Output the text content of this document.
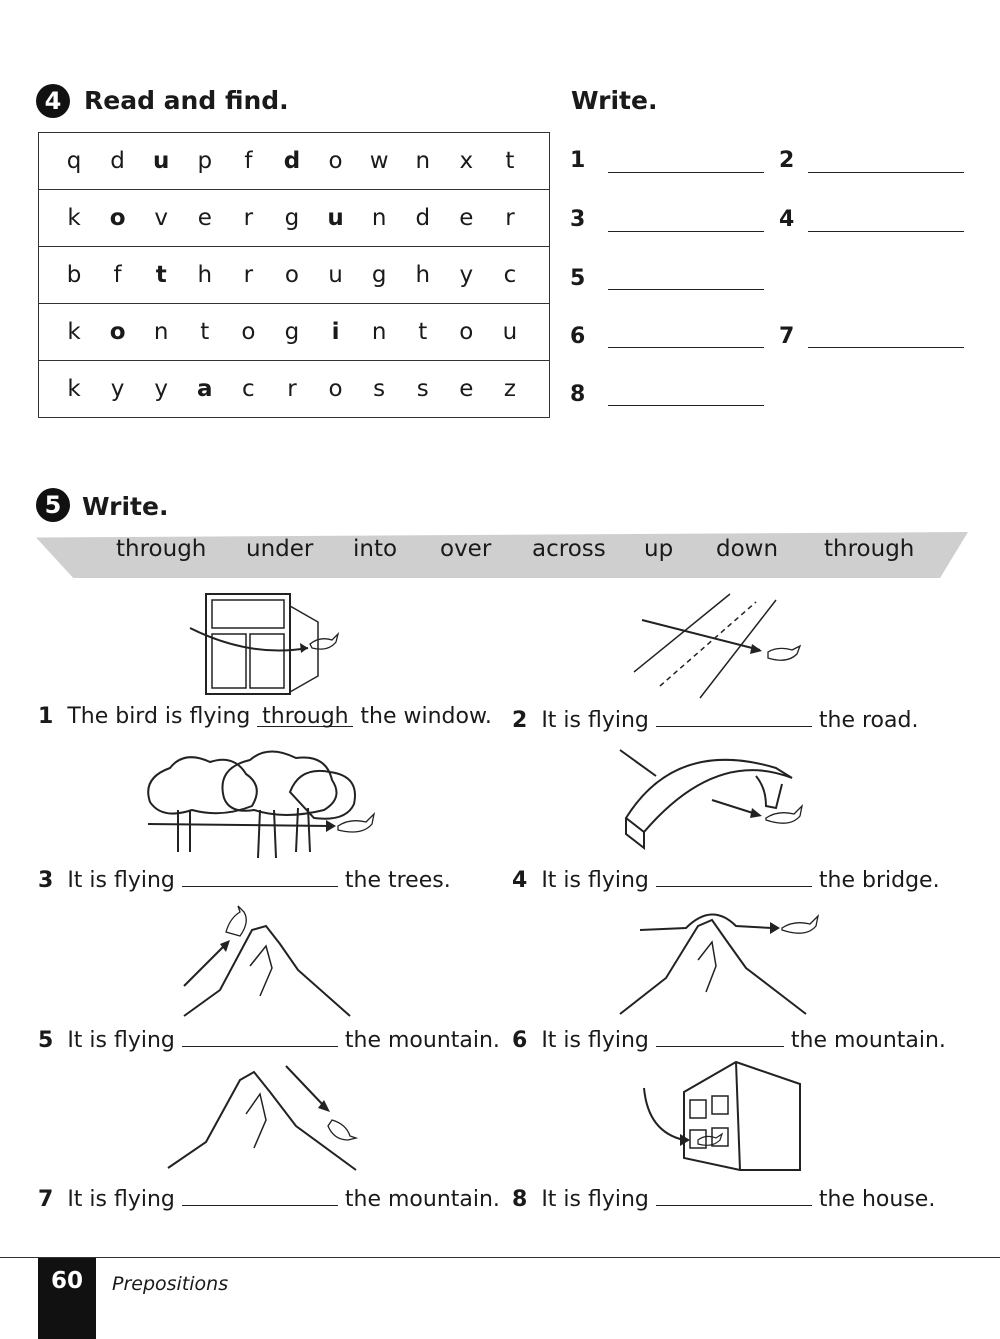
4 Read and find.	Write.
q	d	u	p	f	d	o	w	n	x	t

k	o	v	e	r	g	u	n	d	e	r

b	f	t	h	r	o	u	g	h	y	c

k	o	n	t	o	g	i	n	t	o	u

k	y	y	a	c	r	o	s	s	e	z
1	2
3	4
5
6	7
8
5 Write.
through under into over across up down through
1 The bird is flying through the window. 2 It is flying	the road.
3 It is flying	the trees.	4 It is flying	the bridge.
5 It is flying	the mountain. 6 It is flying	the mountain.
7 It is flying	the mountain. 8 It is flying	the house.
60	Prepositions
